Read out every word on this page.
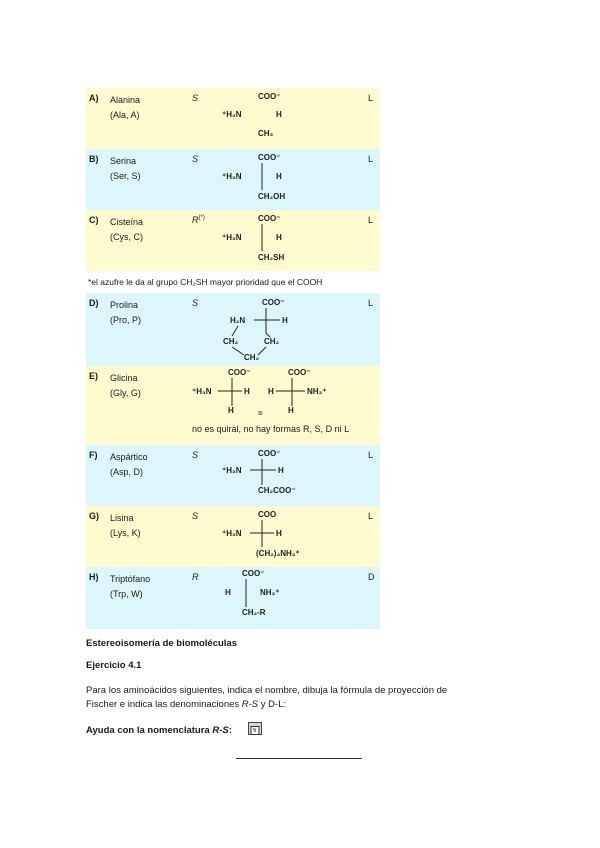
A) Alanina
(Ala, A)
S	L
COO⁻
⁺H₃N	H
CH₃
B) Serina
(Ser, S)
S	L
COO⁻
⁺H₃N	H
CH₂OH
C) Cisteína
(Cys, C)
R(*)	L
COO⁻
⁺H₃N	H
CH₂SH
*el azufre le da al grupo CH₂SH mayor prioridad que el COOH
D) Prolina
(Pro, P)
S	L
COO⁻
H₂N	H
CH₂	CH₂
CH₂
E) Glicina
(Gly, G)
COO⁻
⁺H₃N	H
H	=
COO⁻
H	NH₃⁺
H
no es quiral, no hay formas R, S, D ni L
F) Aspártico
(Asp, D)
S	L
COO⁻
⁺H₃N	H
CH₂COO⁻
G) Lisina
(Lys, K)
S	L
COO
⁺H₃N	H
(CH₂)₄NH₃⁺
H) Triptófano
(Trp, W)
R	D
COO⁻
H	NH₃⁺
CH₂-R
Estereoisomería de biomoléculas
Ejercicio 4.1
Para los aminoácidos siguientes, indica el nombre, dibuja la fórmula de proyección de
Fischer e indica las denominaciones R-S y D-L:
Ayuda con la nomenclatura R-S:
